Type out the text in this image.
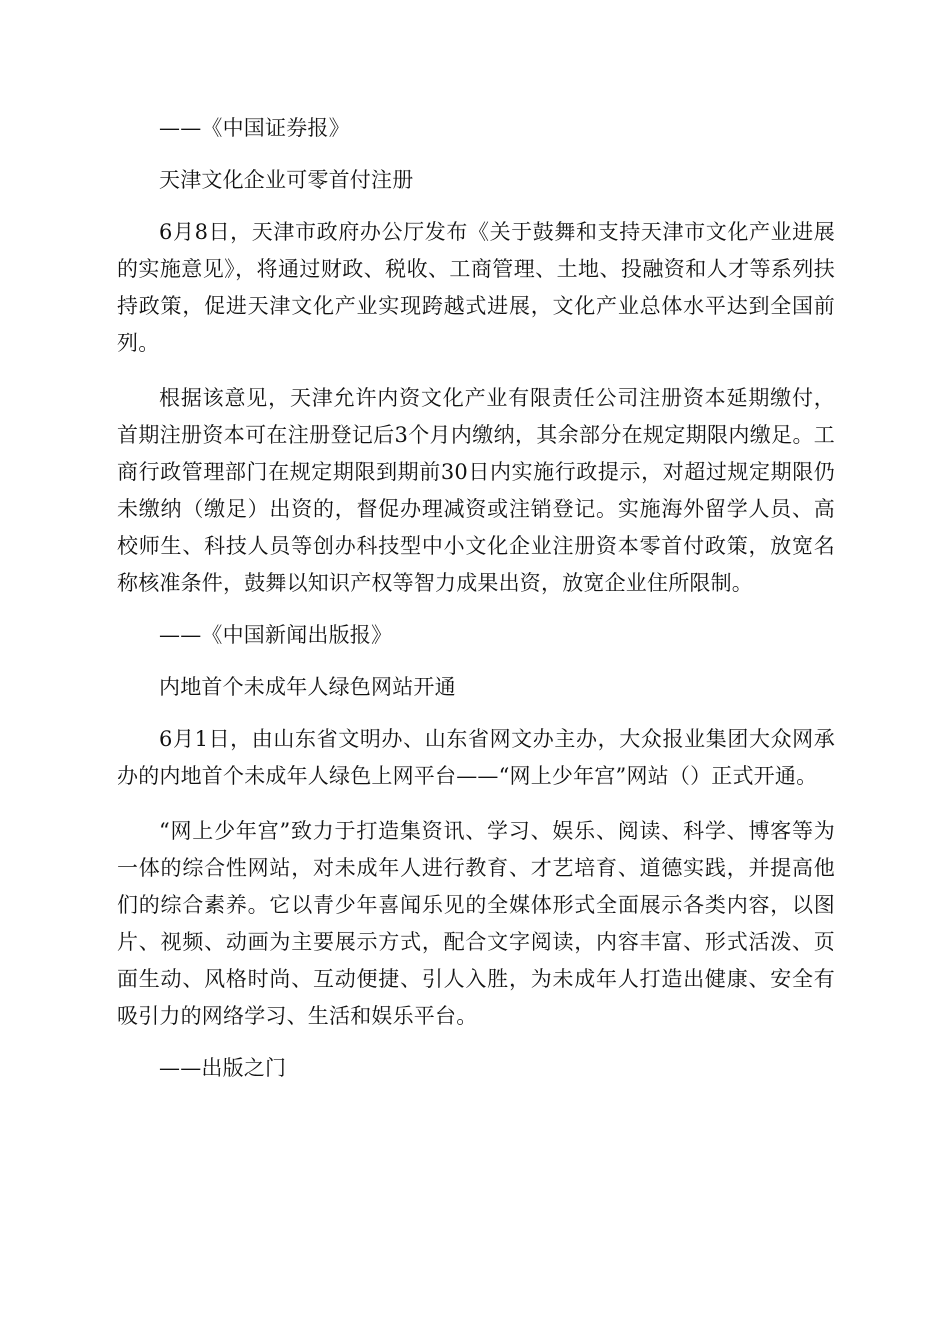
——《中国证券报》

天津文化企业可零首付注册

6月8日，天津市政府办公厅发布《关于鼓舞和支持天津市文化产业进展的实施意见》，将通过财政、税收、工商管理、土地、投融资和人才等系列扶持政策，促进天津文化产业实现跨越式进展，文化产业总体水平达到全国前列。

根据该意见，天津允许内资文化产业有限责任公司注册资本延期缴付，首期注册资本可在注册登记后3个月内缴纳，其余部分在规定期限内缴足。工商行政管理部门在规定期限到期前30日内实施行政提示，对超过规定期限仍未缴纳（缴足）出资的，督促办理减资或注销登记。实施海外留学人员、高校师生、科技人员等创办科技型中小文化企业注册资本零首付政策，放宽名称核准条件，鼓舞以知识产权等智力成果出资，放宽企业住所限制。

——《中国新闻出版报》

内地首个未成年人绿色网站开通

6月1日，由山东省文明办、山东省网文办主办，大众报业集团大众网承办的内地首个未成年人绿色上网平台——“网上少年宫”网站（）正式开通。

“网上少年宫”致力于打造集资讯、学习、娱乐、阅读、科学、博客等为一体的综合性网站，对未成年人进行教育、才艺培育、道德实践，并提高他们的综合素养。它以青少年喜闻乐见的全媒体形式全面展示各类内容，以图片、视频、动画为主要展示方式，配合文字阅读，内容丰富、形式活泼、页面生动、风格时尚、互动便捷、引人入胜，为未成年人打造出健康、安全有吸引力的网络学习、生活和娱乐平台。

——出版之门
